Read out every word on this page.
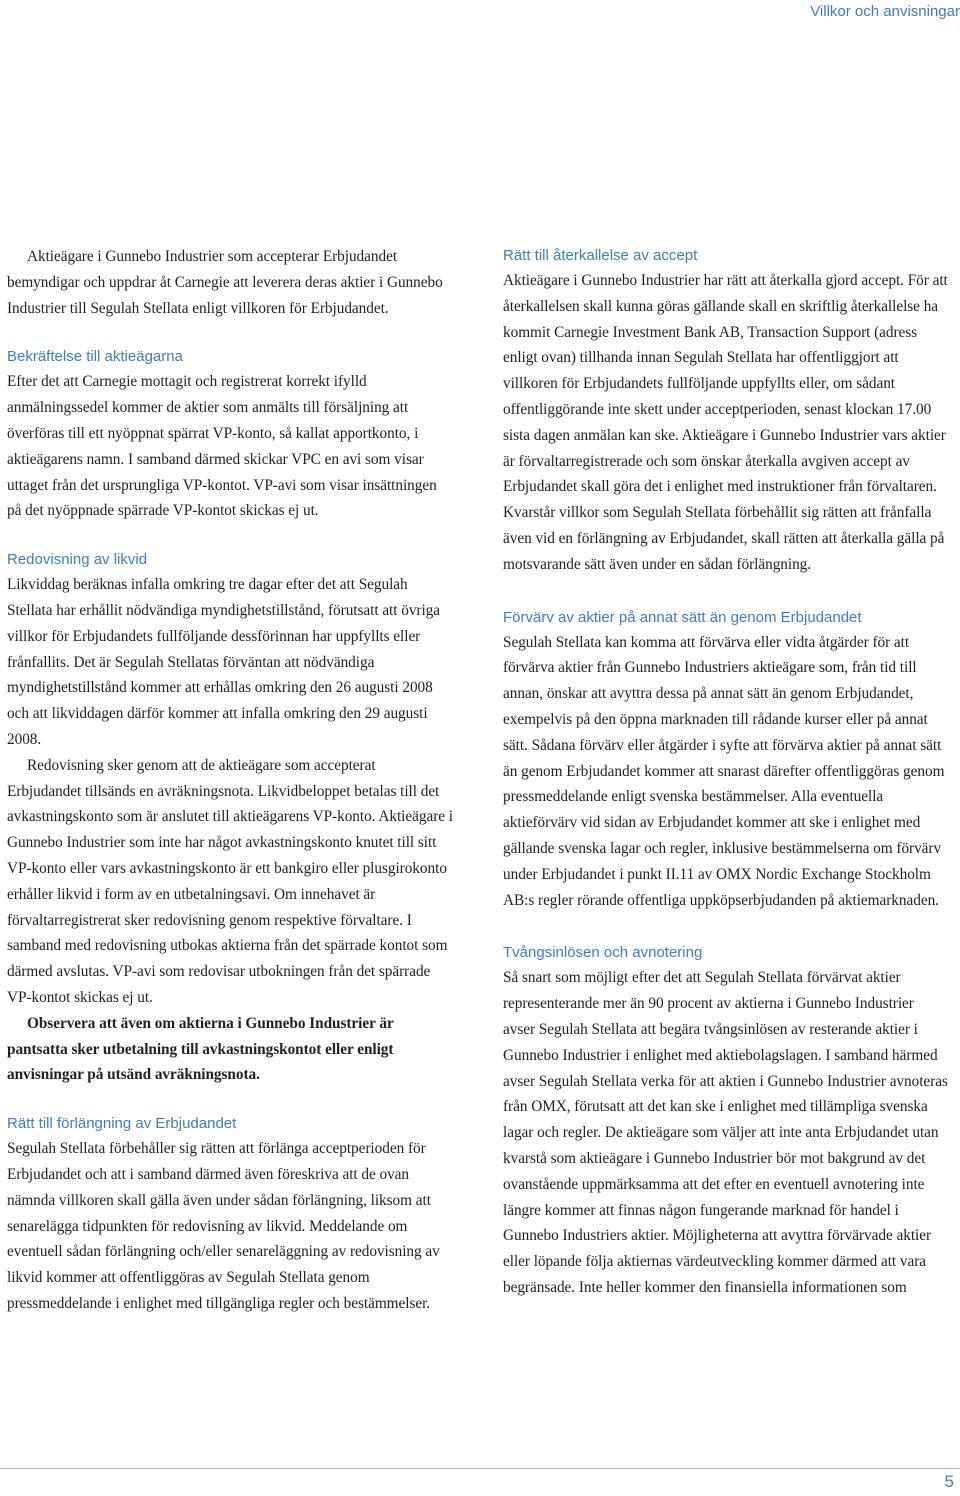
Villkor och anvisningar

Aktieägare i Gunnebo Industrier som accepterar Erbjudandet bemyndigar och uppdrar åt Carnegie att leverera deras aktier i Gunnebo Industrier till Segulah Stellata enligt villkoren för Erbjudandet.

Bekräftelse till aktieägarna

Efter det att Carnegie mottagit och registrerat korrekt ifylld anmälningssedel kommer de aktier som anmälts till försäljning att överföras till ett nyöppnat spärrat VP-konto, så kallat apportkonto, i aktieägarens namn. I samband därmed skickar VPC en avi som visar uttaget från det ursprungliga VP-kontot. VP-avi som visar insättningen på det nyöppnade spärrade VP-kontot skickas ej ut.

Redovisning av likvid

Likviddag beräknas infalla omkring tre dagar efter det att Segulah Stellata har erhållit nödvändiga myndighetstillstånd, förutsatt att övriga villkor för Erbjudandets fullföljande dessförinnan har uppfyllts eller frånfallits. Det är Segulah Stellatas förväntan att nödvändiga myndighetstillstånd kommer att erhållas omkring den 26 augusti 2008 och att likviddagen därför kommer att infalla omkring den 29 augusti 2008.

Redovisning sker genom att de aktieägare som accepterat Erbjudandet tillsänds en avräkningsnota. Likvidbeloppet betalas till det avkastningskonto som är anslutet till aktieägarens VP-konto. Aktieägare i Gunnebo Industrier som inte har något avkastningskonto knutet till sitt VP-konto eller vars avkastningskonto är ett bankgiro eller plusgirokonto erhåller likvid i form av en utbetalningsavi. Om innehavet är förvaltarregistrerat sker redovisning genom respektive förvaltare. I samband med redovisning utbokas aktierna från det spärrade kontot som därmed avslutas. VP-avi som redovisar utbokningen från det spärrade VP-kontot skickas ej ut.

Observera att även om aktierna i Gunnebo Industrier är pantsatta sker utbetalning till avkastningskontot eller enligt anvisningar på utsänd avräkningsnota.

Rätt till förlängning av Erbjudandet

Segulah Stellata förbehåller sig rätten att förlänga acceptperioden för Erbjudandet och att i samband därmed även föreskriva att de ovan nämnda villkoren skall gälla även under sådan förlängning, liksom att senarelägga tidpunkten för redovisning av likvid. Meddelande om eventuell sådan förlängning och/eller senareläggning av redovisning av likvid kommer att offentliggöras av Segulah Stellata genom pressmeddelande i enlighet med tillgängliga regler och bestämmelser.

Rätt till återkallelse av accept

Aktieägare i Gunnebo Industrier har rätt att återkalla gjord accept. För att återkallelsen skall kunna göras gällande skall en skriftlig återkallelse ha kommit Carnegie Investment Bank AB, Transaction Support (adress enligt ovan) tillhanda innan Segulah Stellata har offentliggjort att villkoren för Erbjudandets fullföljande uppfyllts eller, om sådant offentliggörande inte skett under acceptperioden, senast klockan 17.00 sista dagen anmälan kan ske. Aktieägare i Gunnebo Industrier vars aktier är förvaltarregistrerade och som önskar återkalla avgiven accept av Erbjudandet skall göra det i enlighet med instruktioner från förvaltaren. Kvarstår villkor som Segulah Stellata förbehållit sig rätten att frånfalla även vid en förlängning av Erbjudandet, skall rätten att återkalla gälla på motsvarande sätt även under en sådan förlängning.

Förvärv av aktier på annat sätt än genom Erbjudandet

Segulah Stellata kan komma att förvärva eller vidta åtgärder för att förvärva aktier från Gunnebo Industriers aktieägare som, från tid till annan, önskar att avyttra dessa på annat sätt än genom Erbjudandet, exempelvis på den öppna marknaden till rådande kurser eller på annat sätt. Sådana förvärv eller åtgärder i syfte att förvärva aktier på annat sätt än genom Erbjudandet kommer att snarast därefter offentliggöras genom pressmeddelande enligt svenska bestämmelser. Alla eventuella aktieförvärv vid sidan av Erbjudandet kommer att ske i enlighet med gällande svenska lagar och regler, inklusive bestämmelserna om förvärv under Erbjudandet i punkt II.11 av OMX Nordic Exchange Stockholm AB:s regler rörande offentliga uppköpserbjudanden på aktiemarknaden.

Tvångsinlösen och avnotering

Så snart som möjligt efter det att Segulah Stellata förvärvat aktier representerande mer än 90 procent av aktierna i Gunnebo Industrier avser Segulah Stellata att begära tvångsinlösen av resterande aktier i Gunnebo Industrier i enlighet med aktiebolagslagen. I samband härmed avser Segulah Stellata verka för att aktien i Gunnebo Industrier avnoteras från OMX, förutsatt att det kan ske i enlighet med tillämpliga svenska lagar och regler. De aktieägare som väljer att inte anta Erbjudandet utan kvarstå som aktieägare i Gunnebo Industrier bör mot bakgrund av det ovanstående uppmärksamma att det efter en eventuell avnotering inte längre kommer att finnas någon fungerande marknad för handel i Gunnebo Industriers aktier. Möjligheterna att avyttra förvärvade aktier eller löpande följa aktiernas värdeutveckling kommer därmed att vara begränsade. Inte heller kommer den finansiella informationen som

5
